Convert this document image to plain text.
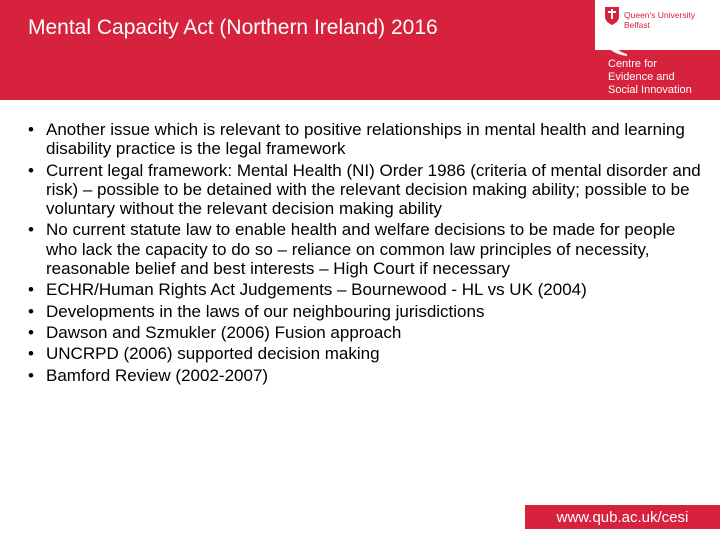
Mental Capacity Act (Northern Ireland) 2016
Queen's University
Belfast
Centre for
Evidence and
Social Innovation
• Another issue which is relevant to positive relationships in mental health and learning disability practice is the legal framework
• Current legal framework: Mental Health (NI) Order 1986 (criteria of mental disorder and risk) – possible to be detained with the relevant decision making ability; possible to be voluntary without the relevant decision making ability
• No current statute law to enable health and welfare decisions to be made for people who lack the capacity to do so – reliance on common law principles of necessity, reasonable belief and best interests – High Court if necessary
• ECHR/Human Rights Act Judgements – Bournewood - HL vs UK (2004)
• Developments in the laws of our neighbouring jurisdictions
• Dawson and Szmukler (2006) Fusion approach
• UNCRPD (2006) supported decision making
• Bamford Review (2002-2007)
www.qub.ac.uk/cesi
